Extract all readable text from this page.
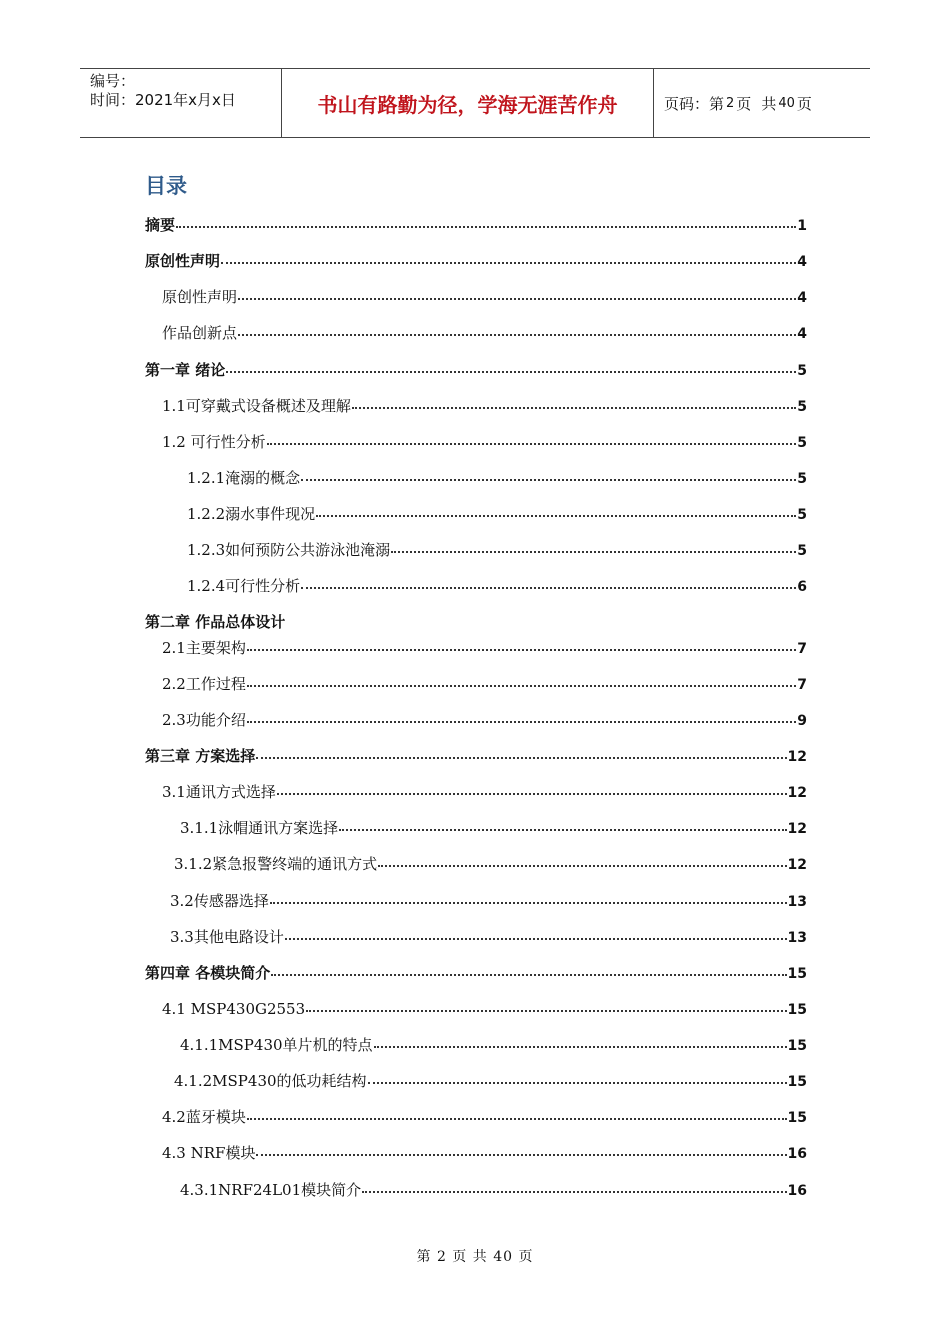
编号：
时间：2021年x月x日	书山有路勤为径，学海无涯苦作舟	页码：第 2 页 共 40 页
目录
摘要	1
原创性声明	4
原创性声明	4
作品创新点	4
第一章 绪论	5
1.1可穿戴式设备概述及理解	5
1.2 可行性分析	5
1.2.1淹溺的概念	5
1.2.2溺水事件现况	5
1.2.3如何预防公共游泳池淹溺	5
1.2.4可行性分析	6
第二章 作品总体设计
2.1主要架构	7
2.2工作过程	7
2.3功能介绍	9
第三章 方案选择	12
3.1通讯方式选择	12
3.1.1泳帽通讯方案选择	12
3.1.2紧急报警终端的通讯方式	12
3.2传感器选择	13
3.3其他电路设计	13
第四章 各模块简介	15
4.1 MSP430G2553	15
4.1.1MSP430单片机的特点	15
4.1.2MSP430的低功耗结构	15
4.2蓝牙模块	15
4.3 NRF模块	16
4.3.1NRF24L01模块简介	16
第 2 页 共 40 页
